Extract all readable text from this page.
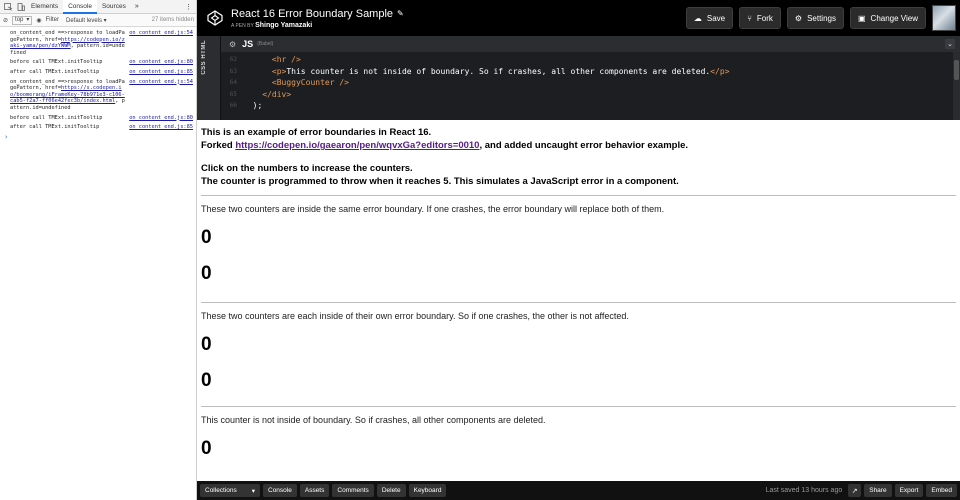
Elements	Console	Sources	»	⋮
⊘ top ▾ ◉ Filter Default levels ▾	27 items hidden
on_content_end.js:54
on_content_end ==>response to loadPagePattern, href=https://codepen.io/zaki-yama/pen/dzYWWM, pattern.id=undefined
on_content_end.js:80
before call TMExt.initTooltip
on_content_end.js:85
after call TMExt.initTooltip
on_content_end.js:54
on_content_end ==>response to loadPagePattern, href=https://s.codepen.io/boomerang/iFrameKey-78b971e3-c106-cab5-f2a7-ff06e42fec3b/index.html, pattern.id=undefined
on_content_end.js:80
before call TMExt.initTooltip
on_content_end.js:85
after call TMExt.initTooltip
›
React 16 Error Boundary Sample ✎
A PEN BY Shingo Yamazaki
☁ Save	⑂ Fork	⚙ Settings	▣ Change View
CSS HTML	⚙ JS (Babel)	⌄
62	<hr />
63	<p>This counter is not inside of boundary. So if crashes, all other components are deleted.</p>
64	<BuggyCounter />
65	</div>
66	);
This is an example of error boundaries in React 16.
Forked https://codepen.io/gaearon/pen/wqvxGa?editors=0010, and added uncaught error behavior example.
Click on the numbers to increase the counters.
The counter is programmed to throw when it reaches 5. This simulates a JavaScript error in a component.
These two counters are inside the same error boundary. If one crashes, the error boundary will replace both of them.
0
0
These two counters are each inside of their own error boundary. So if one crashes, the other is not affected.
0
0
This counter is not inside of boundary. So if crashes, all other components are deleted.
0
Collections ▾	Console	Assets	Comments	Delete	Keyboard	Last saved 13 hours ago	↗	Share	Export	Embed
